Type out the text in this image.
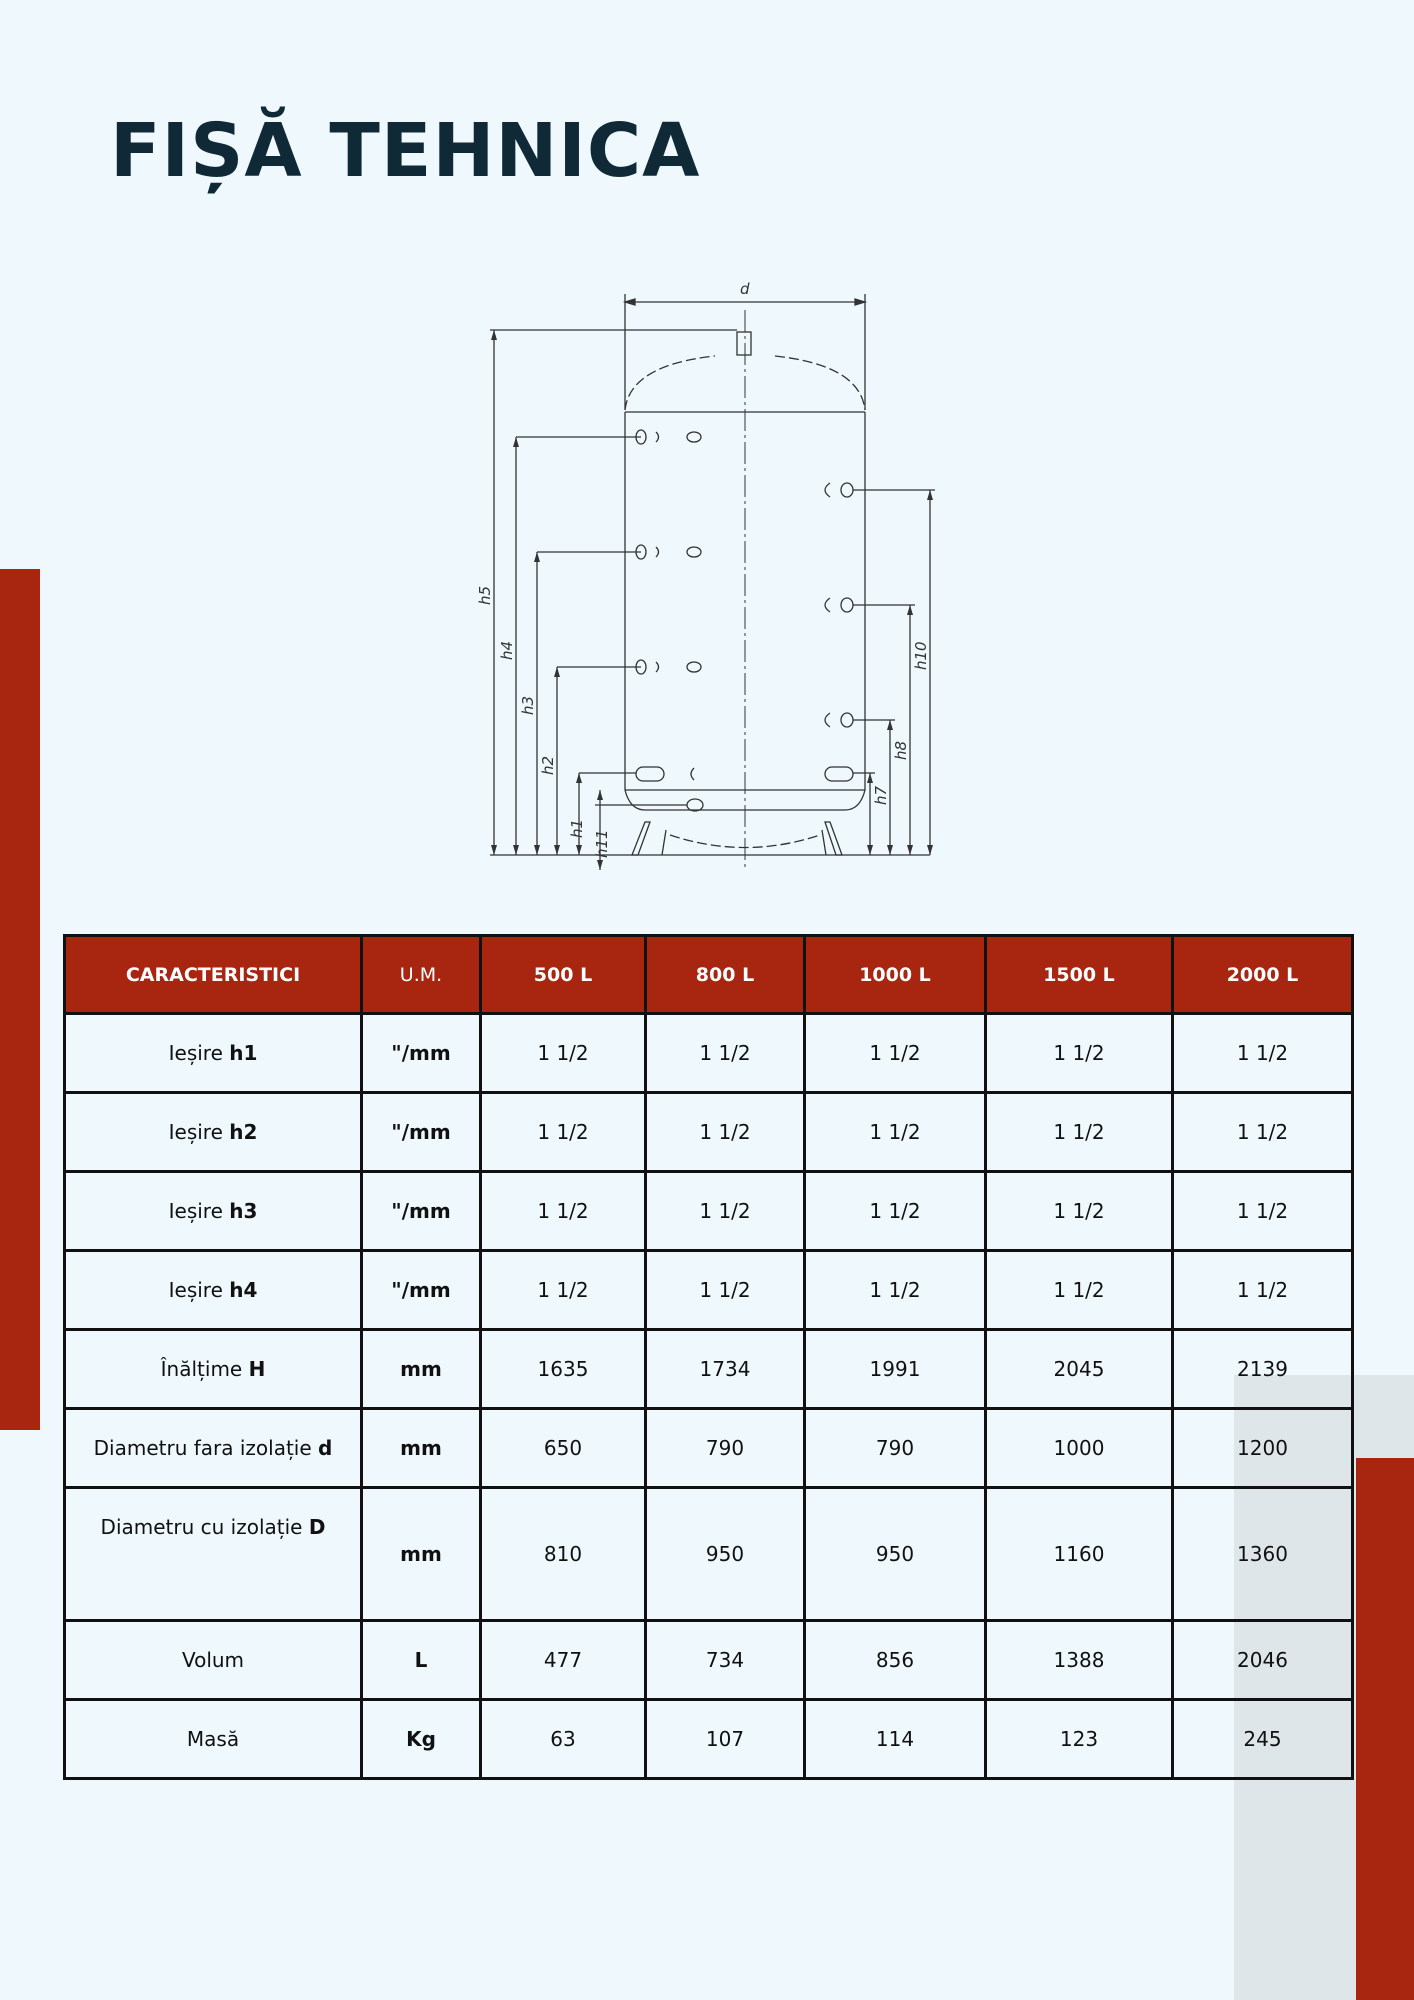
FIȘĂ TEHNICA
d
h5
h4
h3
h2
h1
h11
h10
h8
h7
CARACTERISTICI	U.M.	500 L	800 L	1000 L	1500 L	2000 L
Ieșire h1	"/mm	1 1/2	1 1/2	1 1/2	1 1/2	1 1/2
Ieșire h2	"/mm	1 1/2	1 1/2	1 1/2	1 1/2	1 1/2
Ieșire h3	"/mm	1 1/2	1 1/2	1 1/2	1 1/2	1 1/2
Ieșire h4	"/mm	1 1/2	1 1/2	1 1/2	1 1/2	1 1/2
Înălțime H	mm	1635	1734	1991	2045	2139
Diametru fara izolație d	mm	650	790	790	1000	1200
Diametru cu izolație D	mm	810	950	950	1160	1360
Volum	L	477	734	856	1388	2046
Masă	Kg	63	107	114	123	245
